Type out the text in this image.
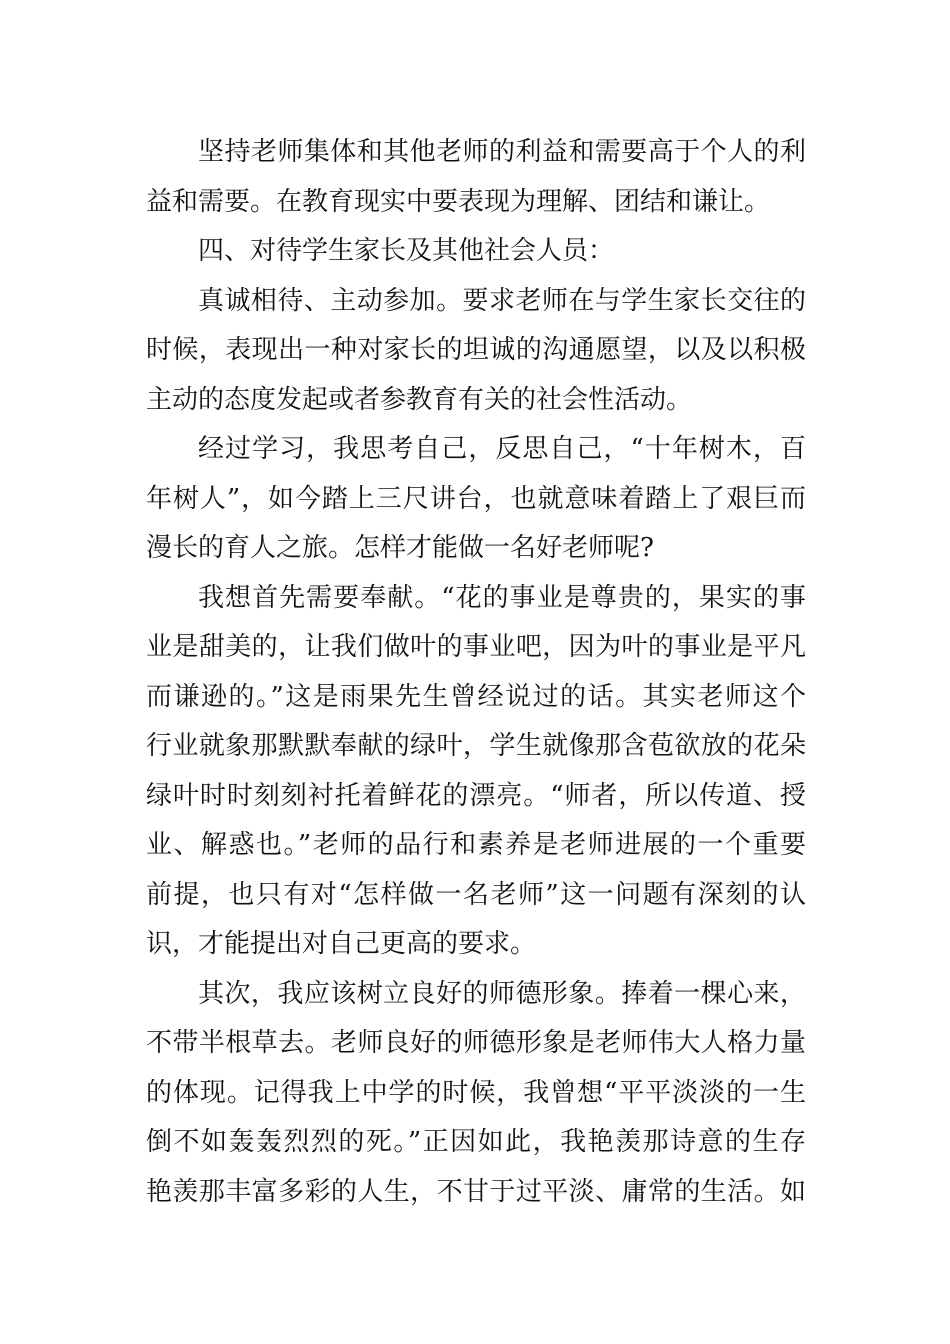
坚持老师集体和其他老师的利益和需要高于个人的利
益和需要。在教育现实中要表现为理解、团结和谦让。
四、对待学生家长及其他社会人员：
真诚相待、主动参加。要求老师在与学生家长交往的
时候，表现出一种对家长的坦诚的沟通愿望，以及以积极
主动的态度发起或者参教育有关的社会性活动。
经过学习，我思考自己，反思自己，“十年树木，百
年树人”，如今踏上三尺讲台，也就意味着踏上了艰巨而
漫长的育人之旅。怎样才能做一名好老师呢?
我想首先需要奉献。“花的事业是尊贵的，果实的事
业是甜美的，让我们做叶的事业吧，因为叶的事业是平凡
而谦逊的。”这是雨果先生曾经说过的话。其实老师这个
行业就象那默默奉献的绿叶，学生就像那含苞欲放的花朵
绿叶时时刻刻衬托着鲜花的漂亮。“师者，所以传道、授
业、解惑也。”老师的品行和素养是老师进展的一个重要
前提，也只有对“怎样做一名老师”这一问题有深刻的认
识，才能提出对自己更高的要求。
其次，我应该树立良好的师德形象。捧着一棵心来，
不带半根草去。老师良好的师德形象是老师伟大人格力量
的体现。记得我上中学的时候，我曾想“平平淡淡的一生
倒不如轰轰烈烈的死。”正因如此，我艳羡那诗意的生存
艳羡那丰富多彩的人生，不甘于过平淡、庸常的生活。如
